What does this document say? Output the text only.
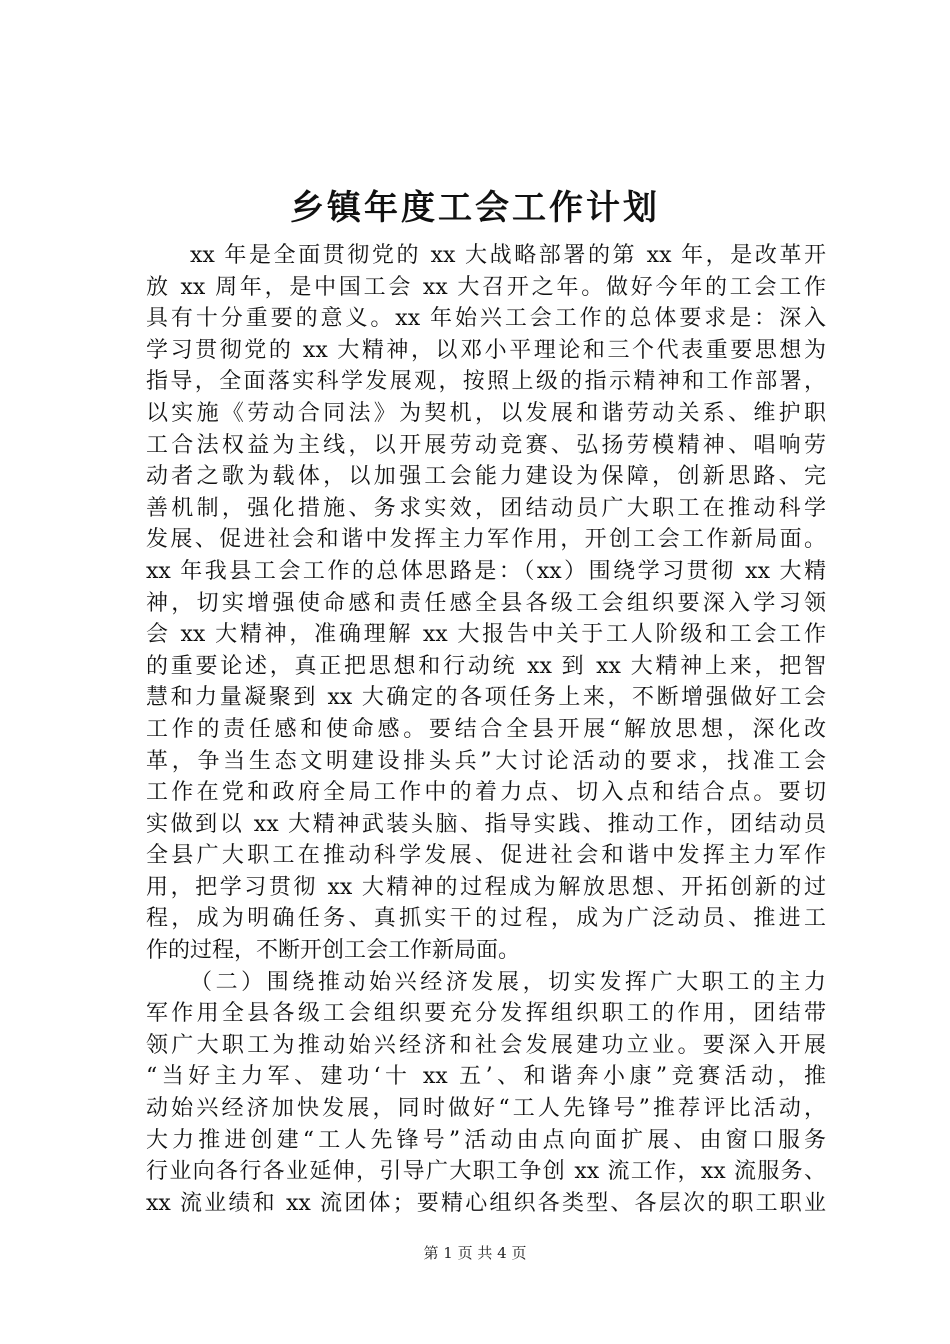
乡镇年度工会工作计划
xx 年是全面贯彻党的 xx 大战略部署的第 xx 年，是改革开
放 xx 周年，是中国工会 xx 大召开之年。做好今年的工会工作
具有十分重要的意义。xx 年始兴工会工作的总体要求是：深入
学习贯彻党的 xx 大精神，以邓小平理论和三个代表重要思想为
指导，全面落实科学发展观，按照上级的指示精神和工作部署，
以实施《劳动合同法》为契机，以发展和谐劳动关系、维护职
工合法权益为主线，以开展劳动竞赛、弘扬劳模精神、唱响劳
动者之歌为载体，以加强工会能力建设为保障，创新思路、完
善机制，强化措施、务求实效，团结动员广大职工在推动科学
发展、促进社会和谐中发挥主力军作用，开创工会工作新局面。
xx 年我县工会工作的总体思路是：（xx）围绕学习贯彻 xx 大精
神，切实增强使命感和责任感全县各级工会组织要深入学习领
会 xx 大精神，准确理解 xx 大报告中关于工人阶级和工会工作
的重要论述，真正把思想和行动统 xx 到 xx 大精神上来，把智
慧和力量凝聚到 xx 大确定的各项任务上来，不断增强做好工会
工作的责任感和使命感。要结合全县开展“解放思想，深化改
革，争当生态文明建设排头兵”大讨论活动的要求，找准工会
工作在党和政府全局工作中的着力点、切入点和结合点。要切
实做到以 xx 大精神武装头脑、指导实践、推动工作，团结动员
全县广大职工在推动科学发展、促进社会和谐中发挥主力军作
用，把学习贯彻 xx 大精神的过程成为解放思想、开拓创新的过
程，成为明确任务、真抓实干的过程，成为广泛动员、推进工
作的过程，不断开创工会工作新局面。
（二）围绕推动始兴经济发展，切实发挥广大职工的主力
军作用全县各级工会组织要充分发挥组织职工的作用，团结带
领广大职工为推动始兴经济和社会发展建功立业。要深入开展
“当好主力军、建功‘十 xx 五’、和谐奔小康”竞赛活动，推
动始兴经济加快发展，同时做好“工人先锋号”推荐评比活动，
大力推进创建“工人先锋号”活动由点向面扩展、由窗口服务
行业向各行各业延伸，引导广大职工争创 xx 流工作，xx 流服务、
xx 流业绩和 xx 流团体；要精心组织各类型、各层次的职工职业
第 1 页 共 4 页
